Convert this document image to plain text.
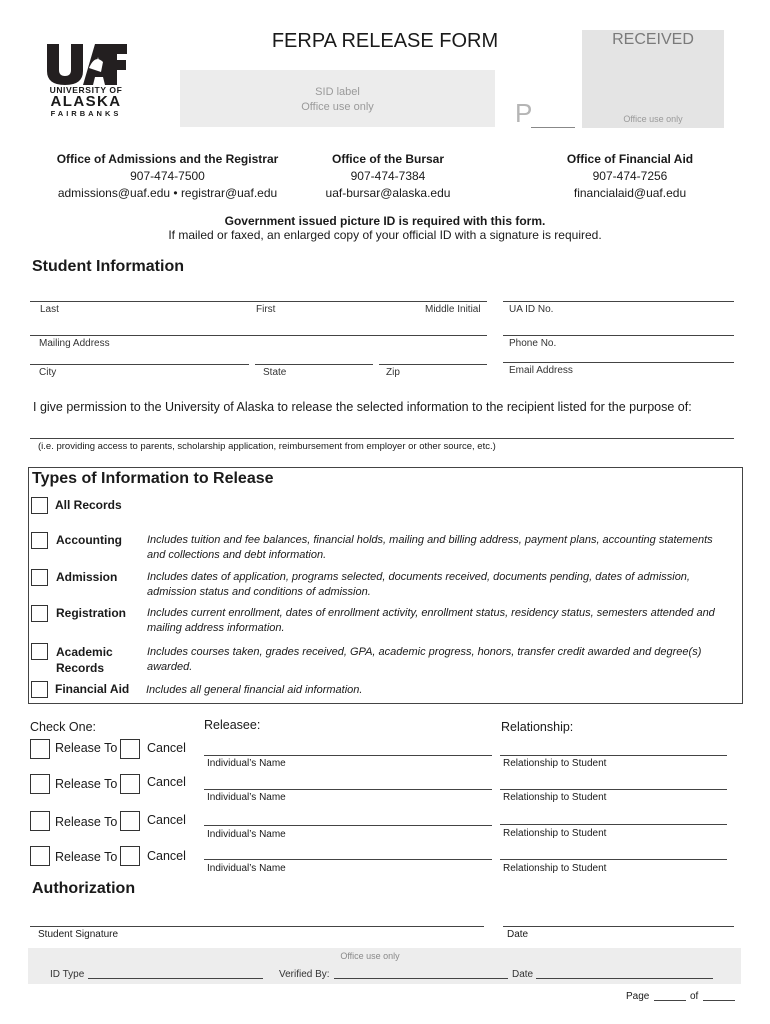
UNIVERSITY OF
ALASKA
FAIRBANKS
FERPA RELEASE FORM
SID label
Office use only	P
RECEIVED
Office use only
Office of Admissions and the Registrar
907-474-7500
admissions@uaf.edu • registrar@uaf.edu
Office of the Bursar
907-474-7384
uaf-bursar@alaska.edu
Office of Financial Aid
907-474-7256
financialaid@uaf.edu
Government issued picture ID is required with this form.
If mailed or faxed, an enlarged copy of your official ID with a signature is required.
Student Information
Last	First	Middle Initial	UA ID No.
Mailing Address	Phone No.
City	State	Zip	Email Address
I give permission to the University of Alaska to release the selected information to the recipient listed for the purpose of:
(i.e. providing access to parents, scholarship application, reimbursement from employer or other source, etc.)
Types of Information to Release
All Records
Accounting Includes tuition and fee balances, financial holds, mailing and billing address, payment plans, accounting statements and collections and debt information.
Admission	Includes dates of application, programs selected, documents received, documents pending, dates of admission, admission status and conditions of admission.
Registration Includes current enrollment, dates of enrollment activity, enrollment status, residency status, semesters attended and mailing address information.
Academic Records
Includes courses taken, grades received, GPA, academic progress, honors, transfer credit awarded and degree(s) awarded.
Financial Aid Includes all general financial aid information.
Check One:	Releasee:	Relationship:
Release To Cancel
Individual’s Name	Relationship to Student
Release To Cancel
Individual’s Name	Relationship to Student
Release To Cancel
Individual’s Name	Relationship to Student
Release To Cancel
Individual’s Name	Relationship to Student
Authorization
Student Signature	Date
Office use only
ID Type	Verified By:	Date
Page	of
